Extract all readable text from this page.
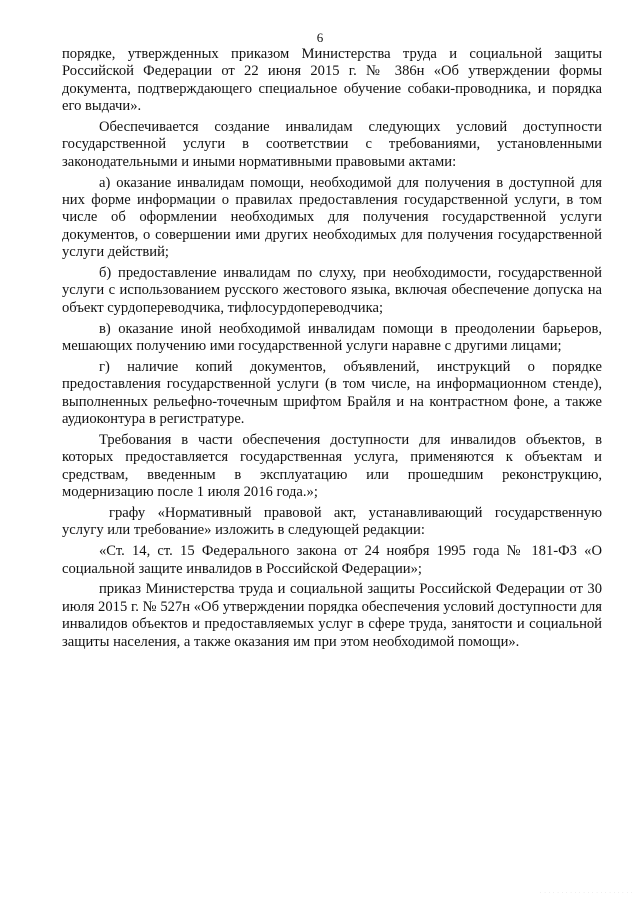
6

порядке, утвержденных приказом Министерства труда и социальной защиты Российской Федерации от 22 июня 2015 г. № 386н «Об утверждении формы документа, подтверждающего специальное обучение собаки-проводника, и порядка его выдачи».

Обеспечивается создание инвалидам следующих условий доступности государственной услуги в соответствии с требованиями, установленными законодательными и иными нормативными правовыми актами:

а) оказание инвалидам помощи, необходимой для получения в доступной для них форме информации о правилах предоставления государственной услуги, в том числе об оформлении необходимых для получения государственной услуги документов, о совершении ими других необходимых для получения государственной услуги действий;

б) предоставление инвалидам по слуху, при необходимости, государственной услуги с использованием русского жестового языка, включая обеспечение допуска на объект сурдопереводчика, тифлосурдопереводчика;

в) оказание иной необходимой инвалидам помощи в преодолении барьеров, мешающих получению ими государственной услуги наравне с другими лицами;

г) наличие копий документов, объявлений, инструкций о порядке предоставления государственной услуги (в том числе, на информационном стенде), выполненных рельефно-точечным шрифтом Брайля и на контрастном фоне, а также аудиоконтура в регистратуре.

Требования в части обеспечения доступности для инвалидов объектов, в которых предоставляется государственная услуга, применяются к объектам и средствам, введенным в эксплуатацию или прошедшим реконструкцию, модернизацию после 1 июля 2016 года.»;

графу «Нормативный правовой акт, устанавливающий государственную услугу или требование» изложить в следующей редакции:

«Ст. 14, ст. 15 Федерального закона от 24 ноября 1995 года № 181-ФЗ «О социальной защите инвалидов в Российской Федерации»;

приказ Министерства труда и социальной защиты Российской Федерации от 30 июля 2015 г. № 527н «Об утверждении порядка обеспечения условий доступности для инвалидов объектов и предоставляемых услуг в сфере труда, занятости и социальной защиты населения, а также оказания им при этом необходимой помощи».

· · · · · · · · · · · · · · · · · · · · · ·
